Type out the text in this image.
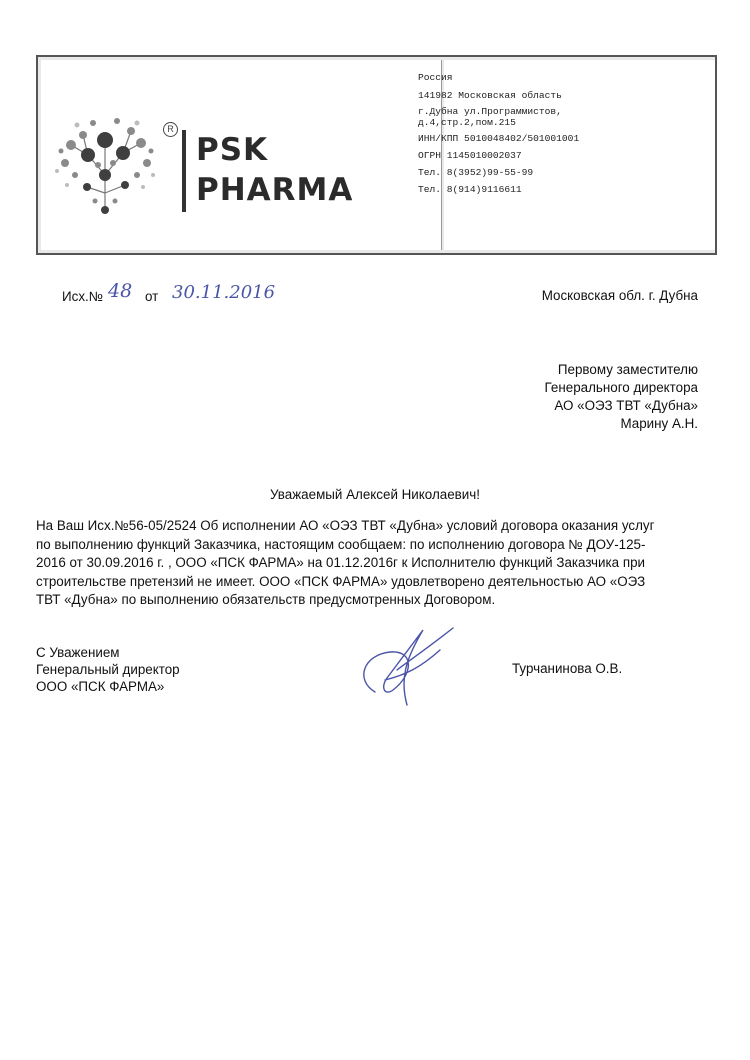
R
PSK
PHARMA
Россия
141982 Московская область
г.Дубна ул.Программистов,
д.4,стр.2,пом.215
ИНН/КПП 5010048402/501001001
ОГРН 1145010002037
Тел. 8(3952)99-55-99
Тел. 8(914)9116611
Исх.№ 48 от 30.11.2016	Московская обл. г. Дубна
Первому заместителю
Генерального директора
АО «ОЭЗ ТВТ «Дубна»
Марину А.Н.
Уважаемый Алексей Николаевич!
На Ваш Исх.№56-05/2524 Об исполнении АО «ОЭЗ ТВТ «Дубна» условий договора оказания услуг
по выполнению функций Заказчика, настоящим сообщаем: по исполнению договора № ДОУ-125-
2016 от 30.09.2016 г. , ООО «ПСК ФАРМА» на 01.12.2016г к Исполнителю функций Заказчика при
строительстве претензий не имеет. ООО «ПСК ФАРМА» удовлетворено деятельностью АО «ОЭЗ
ТВТ «Дубна» по выполнению обязательств предусмотренных Договором.
С Уважением
Генеральный директор
ООО «ПСК ФАРМА»
Турчанинова О.В.
